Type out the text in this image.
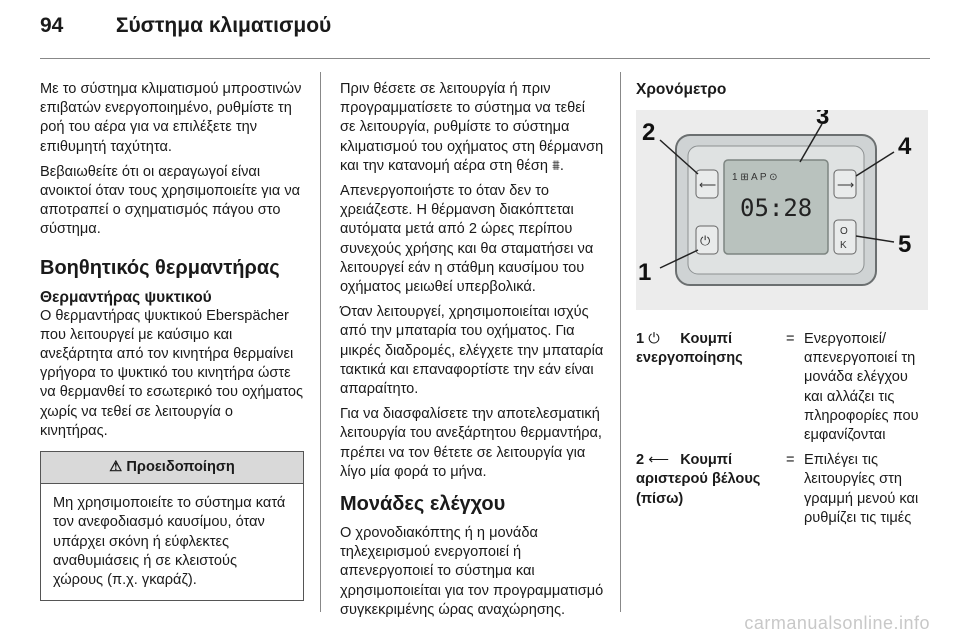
94 Σύστημα κλιματισμού

Με το σύστημα κλιματισμού μπροστινών επιβατών ενεργοποιημένο, ρυθμίστε τη ροή του αέρα για να επιλέξετε την επιθυμητή ταχύτητα.

Βεβαιωθείτε ότι οι αεραγωγοί είναι ανοικτοί όταν τους χρησιμοποιείτε για να αποτραπεί ο σχηματισμός πάγου στο σύστημα.

Βοηθητικός θερμαντήρας
Θερμαντήρας ψυκτικού

Ο θερμαντήρας ψυκτικού Eberspächer που λειτουργεί με καύσιμο και ανεξάρτητα από τον κινητήρα θερμαίνει γρήγορα το ψυκτικό του κινητήρα ώστε να θερμανθεί το εσωτερικό του οχήματος χωρίς να τεθεί σε λειτουργία ο κινητήρας.

⚠ Προειδοποίηση
Μη χρησιμοποιείτε το σύστημα κατά τον ανεφοδιασμό καυσίμου, όταν υπάρχει σκόνη ή εύφλεκτες αναθυμιάσεις ή σε κλειστούς χώρους (π.χ. γκαράζ).

Πριν θέσετε σε λειτουργία ή πριν προγραμματίσετε το σύστημα να τεθεί σε λειτουργία, ρυθμίστε το σύστημα κλιματισμού του οχήματος στη θέρμανση και την κατανομή αέρα στη θέση ⩩.

Απενεργοποιήστε το όταν δεν το χρειάζεστε. Η θέρμανση διακόπτεται αυτόματα μετά από 2 ώρες περίπου συνεχούς χρήσης και θα σταματήσει να λειτουργεί εάν η στάθμη καυσίμου του οχήματος μειωθεί υπερβολικά.

Όταν λειτουργεί, χρησιμοποιείται ισχύς από την μπαταρία του οχήματος. Για μικρές διαδρομές, ελέγχετε την μπαταρία τακτικά και επαναφορτίστε την εάν είναι απαραίτητο.

Για να διασφαλίσετε την αποτελεσματική λειτουργία του ανεξάρτητου θερμαντήρα, πρέπει να τον θέτετε σε λειτουργία για λίγο μία φορά το μήνα.

Μονάδες ελέγχου

Ο χρονοδιακόπτης ή η μονάδα τηλεχειρισμού ενεργοποιεί ή απενεργοποιεί το σύστημα και χρησιμοποιείται για τον προγραμματισμό συγκεκριμένης ώρας αναχώρησης.

Χρονόμετρο
1 ⊞ A P ⊙
05:28
⟵
⏻
⟶
O
K
1
2
3
4
5
1 ⏻ Κουμπί ενεργοποίησης
= Ενεργοποιεί/απενεργοποιεί τη μονάδα ελέγχου και αλλάζει τις πληροφορίες που εμφανίζονται
2 ⟵ Κουμπί αριστερού βέλους (πίσω)
= Επιλέγει τις λειτουργίες στη γραμμή μενού και ρυθμίζει τις τιμές
carmanualsonline.info
